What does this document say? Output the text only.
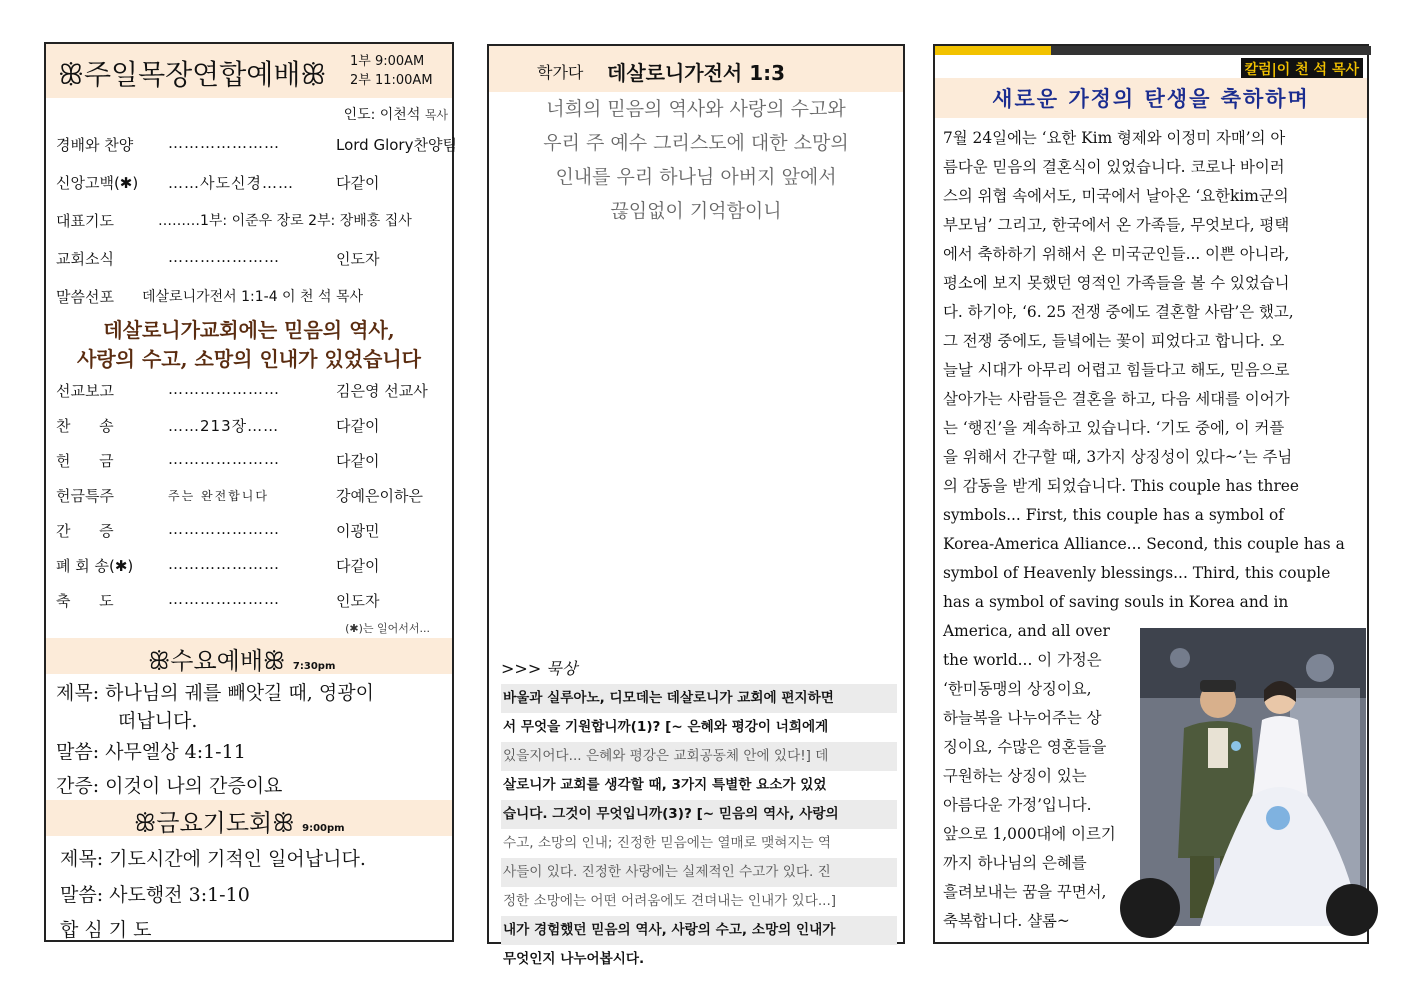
ꕥ주일목장연합예배ꕥ 1부 9:00AM
2부 11:00AM
인도: 이천석 목사
경배와 찬양 …………………	Lord Glory찬양팀
신앙고백(✱) ……사도신경……	다같이
대표기도	………1부: 이준우 장로 2부: 장배홍 집사
교회소식	…………………	인도자
말씀선포 데살로니가전서 1:1-4 이 천 석 목사
데살로니가교회에는 믿음의 역사,
사랑의 수고, 소망의 인내가 있었습니다
선교보고	…………………	김은영 선교사
찬      송	……213장……	다같이
헌      금	…………………	다같이
헌금특주	주는 완전합니다	강예은이하은
간      증	…………………	이광민
폐 회 송(✱) …………………	다같이
축      도	…………………	인도자
(✱)는 일어서서...
ꕥ수요예배ꕥ 7:30pm
제목: 하나님의 궤를 빼앗길 때, 영광이
떠납니다.
말씀: 사무엘상 4:1-11
간증: 이것이 나의 간증이요
ꕥ금요기도회ꕥ 9:00pm
제목: 기도시간에 기적인 일어납니다.
말씀: 사도행전 3:1-10
합 심 기 도
학가다 데살로니가전서 1:3
너희의 믿음의 역사와 사랑의 수고와
우리 주 예수 그리스도에 대한 소망의
인내를 우리 하나님 아버지 앞에서
끊임없이 기억함이니
>>> 묵상
바울과 실루아노, 디모데는 데살로니가 교회에 편지하면
서 무엇을 기원합니까(1)? [~ 은혜와 평강이 너희에게
있을지어다... 은혜와 평강은 교회공동체 안에 있다!] 데
살로니가 교회를 생각할 때, 3가지 특별한 요소가 있었
습니다. 그것이 무엇입니까(3)? [~ 믿음의 역사, 사랑의
수고, 소망의 인내; 진정한 믿음에는 열매로 맺혀지는 역
사들이 있다. 진정한 사랑에는 실제적인 수고가 있다. 진
정한 소망에는 어떤 어려움에도 견뎌내는 인내가 있다...]
내가 경험했던 믿음의 역사, 사랑의 수고, 소망의 인내가
무엇인지 나누어봅시다.
칼럼|이 천 석 목사
새로운 가정의 탄생을 축하하며
7월 24일에는 ‘요한 Kim 형제와 이정미 자매’의 아
름다운 믿음의 결혼식이 있었습니다. 코로나 바이러
스의 위협 속에서도, 미국에서 날아온 ‘요한kim군의
부모님’ 그리고, 한국에서 온 가족들, 무엇보다, 평택
에서 축하하기 위해서 온 미국군인들... 이쁜 아니라,
평소에 보지 못했던 영적인 가족들을 볼 수 있었습니
다. 하기야, ‘6. 25 전쟁 중에도 결혼할 사람’은 했고,
그 전쟁 중에도, 들녘에는 꽃이 피었다고 합니다. 오
늘날 시대가 아무리 어렵고 힘들다고 해도, 믿음으로
살아가는 사람들은 결혼을 하고, 다음 세대를 이어가
는 ‘행진’을 계속하고 있습니다. ‘기도 중에, 이 커플
을 위해서 간구할 때, 3가지 상징성이 있다~’는 주님
의 감동을 받게 되었습니다. This couple has three
symbols... First, this couple has a symbol of
Korea-America Alliance... Second, this couple has a
symbol of Heavenly blessings... Third, this couple
has a symbol of saving souls in Korea and in
America, and all over
the world... 이 가정은
‘한미동맹의 상징이요,
하늘복을 나누어주는 상
징이요, 수많은 영혼들을
구원하는 상징이 있는
아름다운 가정’입니다.
앞으로 1,000대에 이르기
까지 하나님의 은혜를
흘려보내는 꿈을 꾸면서,
축복합니다. 샬롬~
